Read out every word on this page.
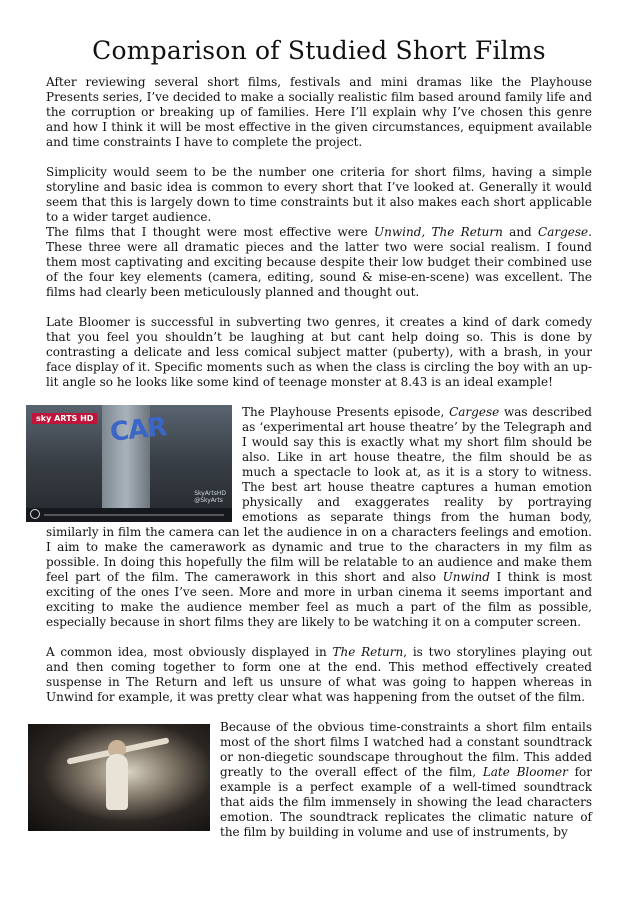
Comparison of Studied Short Films

After reviewing several short films, festivals and mini dramas like the Playhouse Presents series, I’ve decided to make a socially realistic film based around family life and the corruption or breaking up of families. Here I’ll explain why I’ve chosen this genre and how I think it will be most effective in the given circumstances, equipment available and time constraints I have to complete the project.

Simplicity would seem to be the number one criteria for short films, having a simple storyline and basic idea is common to every short that I’ve looked at. Generally it would seem that this is largely down to time constraints but it also makes each short applicable to a wider target audience.

The films that I thought were most effective were Unwind, The Return and Cargese. These three were all dramatic pieces and the latter two were social realism. I found them most captivating and exciting because despite their low budget their combined use of the four key elements (camera, editing, sound & mise-en-scene) was excellent. The films had clearly been meticulously planned and thought out.

Late Bloomer is successful in subverting two genres, it creates a kind of dark comedy that you feel you shouldn’t be laughing at but cant help doing so. This is done by contrasting a delicate and less comical subject matter (puberty), with a brash, in your face display of it. Specific moments such as when the class is circling the boy with an up-lit angle so he looks like some kind of teenage monster at 8.43 is an ideal example!

CAR
sky ARTS HD
SkyArtsHD
@SkyArts

The Playhouse Presents episode, Cargese was described as ‘experimental art house theatre’ by the Telegraph and I would say this is exactly what my short film should be also. Like in art house theatre, the film should be as much a spectacle to look at, as it is a story to witness. The best art house theatre captures a human emotion physically and exaggerates reality by portraying emotions as separate things from the human body, similarly in film the camera can let the audience in on a characters feelings and emotion. I aim to make the camerawork as dynamic and true to the characters in my film as possible. In doing this hopefully the film will be relatable to an audience and make them feel part of the film. The camerawork in this short and also Unwind I think is most exciting of the ones I’ve seen. More and more in urban cinema it seems important and exciting to make the audience member feel as much a part of the film as possible, especially because in short films they are likely to be watching it on a computer screen.

A common idea, most obviously displayed in The Return, is two storylines playing out and then coming together to form one at the end. This method effectively created suspense in The Return and left us unsure of what was going to happen whereas in Unwind for example, it was pretty clear what was happening from the outset of the film.

Because of the obvious time-constraints a short film entails most of the short films I watched had a constant soundtrack or non-diegetic soundscape throughout the film. This added greatly to the overall effect of the film, Late Bloomer for example is a perfect example of a well-timed soundtrack that aids the film immensely in showing the lead characters emotion. The soundtrack replicates the climatic nature of the film by building in volume and use of instruments, by
